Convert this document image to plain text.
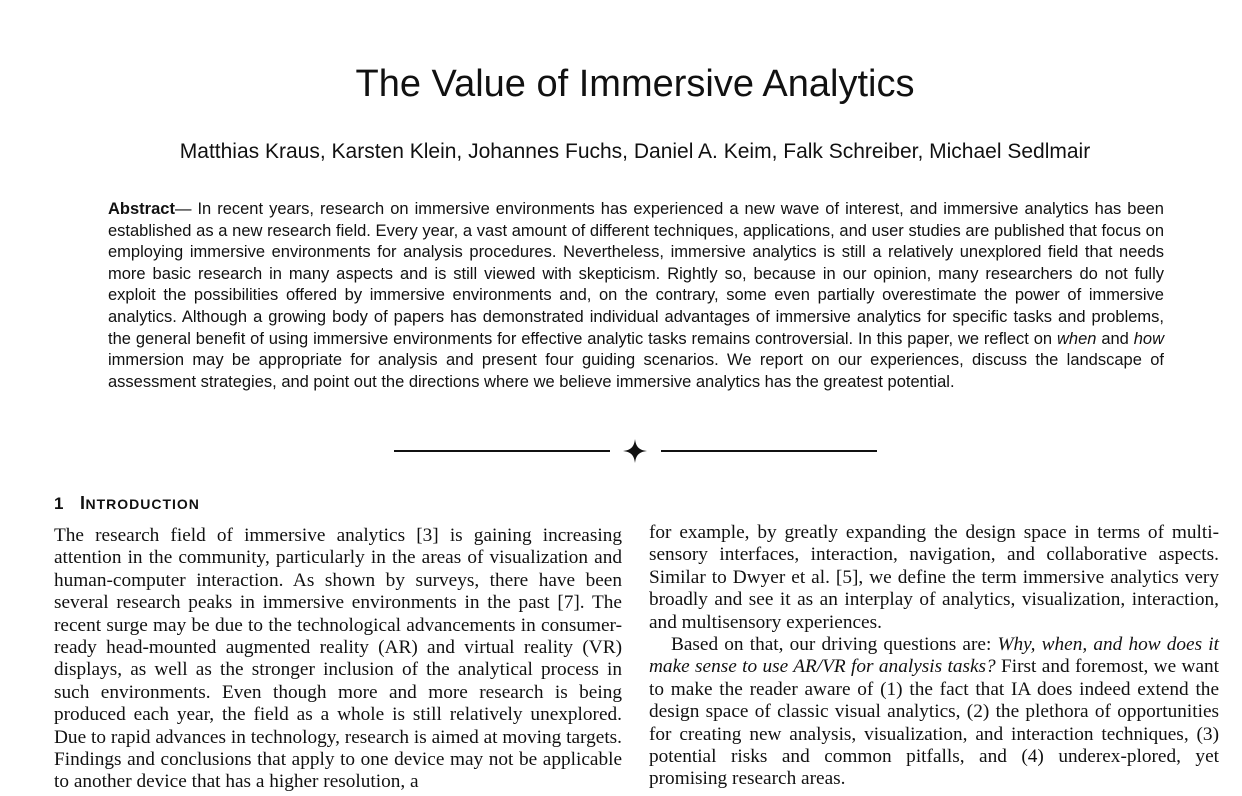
The Value of Immersive Analytics
Matthias Kraus, Karsten Klein, Johannes Fuchs, Daniel A. Keim, Falk Schreiber, Michael Sedlmair

Abstract— In recent years, research on immersive environments has experienced a new wave of interest, and immersive analytics has been established as a new research field. Every year, a vast amount of different techniques, applications, and user studies are published that focus on employing immersive environments for analysis procedures. Nevertheless, immersive analytics is still a relatively unexplored field that needs more basic research in many aspects and is still viewed with skepticism. Rightly so, because in our opinion, many researchers do not fully exploit the possibilities offered by immersive environments and, on the contrary, some even partially overestimate the power of immersive analytics. Although a growing body of papers has demonstrated individual advantages of immersive analytics for specific tasks and problems, the general benefit of using immersive environments for effective analytic tasks remains controversial. In this paper, we reflect on when and how immersion may be appropriate for analysis and present four guiding scenarios. We report on our experiences, discuss the landscape of assessment strategies, and point out the directions where we believe immersive analytics has the greatest potential.

1 INTRODUCTION

The research field of immersive analytics [3] is gaining increasing attention in the community, particularly in the areas of visualization and human-computer interaction. As shown by surveys, there have been several research peaks in immersive environments in the past [7]. The recent surge may be due to the technological advancements in consumer-ready head-mounted augmented reality (AR) and virtual reality (VR) displays, as well as the stronger inclusion of the analytical process in such environments. Even though more and more research is being produced each year, the field as a whole is still relatively unexplored. Due to rapid advances in technology, research is aimed at moving targets. Findings and conclusions that apply to one device may not be applicable to another device that has a higher resolution, a

for example, by greatly expanding the design space in terms of multi-sensory interfaces, interaction, navigation, and collaborative aspects. Similar to Dwyer et al. [5], we define the term immersive analytics very broadly and see it as an interplay of analytics, visualization, interaction, and multisensory experiences.

Based on that, our driving questions are: Why, when, and how does it make sense to use AR/VR for analysis tasks? First and foremost, we want to make the reader aware of (1) the fact that IA does indeed extend the design space of classic visual analytics, (2) the plethora of opportunities for creating new analysis, visualization, and interaction techniques, (3) potential risks and common pitfalls, and (4) underex-plored, yet promising research areas.
